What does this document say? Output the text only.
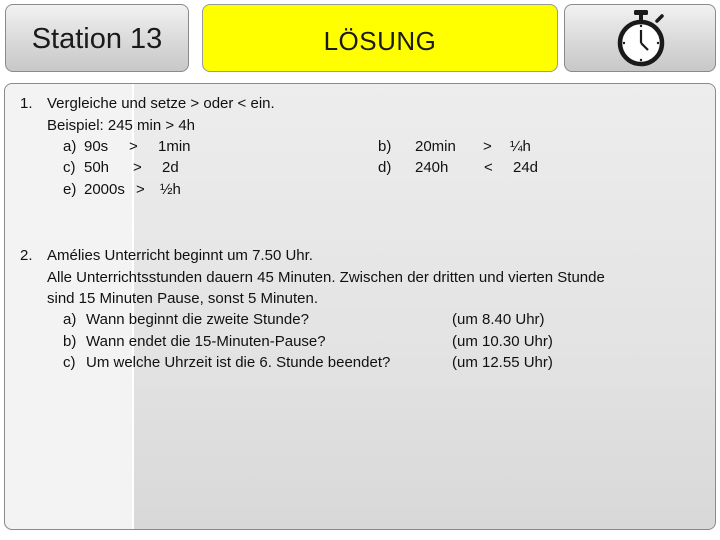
Station 13	LÖSUNG
1. Vergleiche und setze > oder < ein.
Beispiel: 245 min > 4h
a) 90s > 1min	b) 20min > ¼h
c) 50h > 2d	d) 240h < 24d
e) 2000s > ½h
2. Amélies Unterricht beginnt um 7.50 Uhr.
Alle Unterrichtsstunden dauern 45 Minuten. Zwischen der dritten und vierten Stunde
sind 15 Minuten Pause, sonst 5 Minuten.
a) Wann beginnt die zweite Stunde?	(um 8.40 Uhr)
b) Wann endet die 15-Minuten-Pause?	(um 10.30 Uhr)
c) Um welche Uhrzeit ist die 6. Stunde beendet?	(um 12.55 Uhr)
